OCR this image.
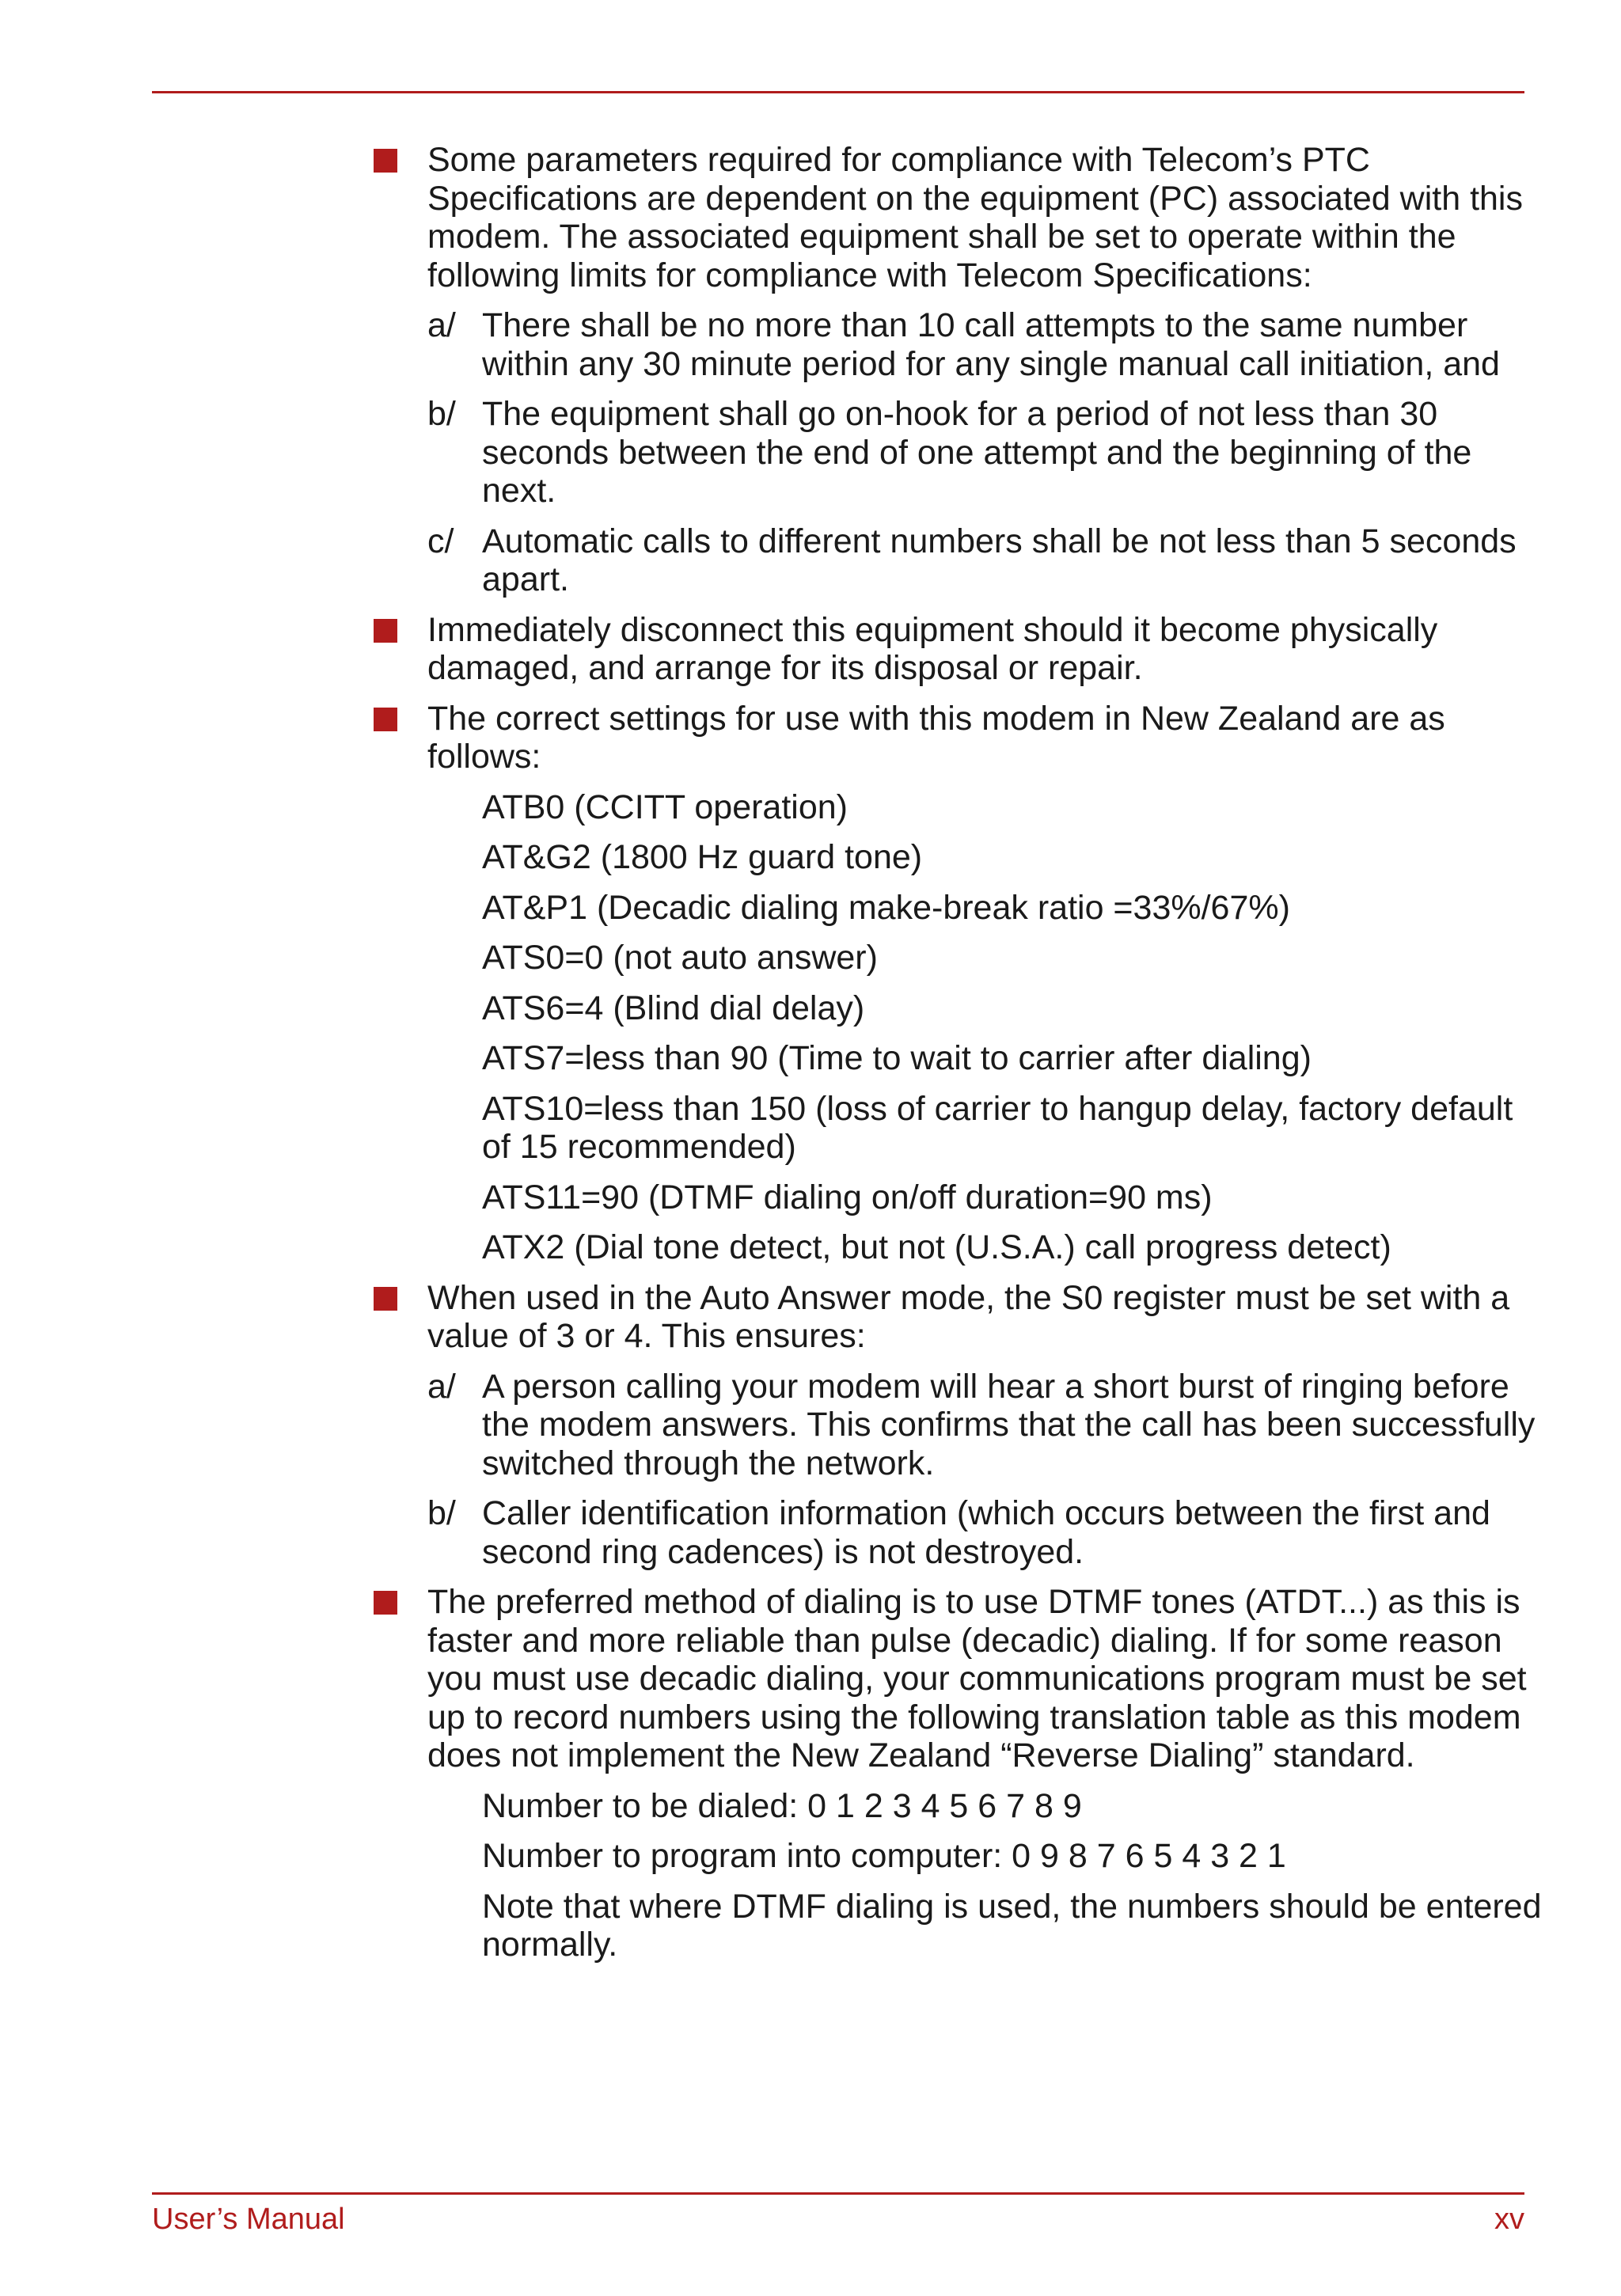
Some parameters required for compliance with Telecom’s PTC Specifications are dependent on the equipment (PC) associated with this modem. The associated equipment shall be set to operate within the following limits for compliance with Telecom Specifications:

a/ There shall be no more than 10 call attempts to the same number within any 30 minute period for any single manual call initiation, and

b/ The equipment shall go on-hook for a period of not less than 30 seconds between the end of one attempt and the beginning of the next.

c/ Automatic calls to different numbers shall be not less than 5 seconds apart.

Immediately disconnect this equipment should it become physically damaged, and arrange for its disposal or repair.

The correct settings for use with this modem in New Zealand are as follows:

ATB0 (CCITT operation)

AT&G2 (1800 Hz guard tone)

AT&P1 (Decadic dialing make-break ratio =33%/67%)

ATS0=0 (not auto answer)

ATS6=4 (Blind dial delay)

ATS7=less than 90 (Time to wait to carrier after dialing)

ATS10=less than 150 (loss of carrier to hangup delay, factory default of 15 recommended)

ATS11=90 (DTMF dialing on/off duration=90 ms)

ATX2 (Dial tone detect, but not (U.S.A.) call progress detect)

When used in the Auto Answer mode, the S0 register must be set with a value of 3 or 4. This ensures:

a/ A person calling your modem will hear a short burst of ringing before the modem answers. This confirms that the call has been successfully switched through the network.

b/ Caller identification information (which occurs between the first and second ring cadences) is not destroyed.

The preferred method of dialing is to use DTMF tones (ATDT...) as this is faster and more reliable than pulse (decadic) dialing. If for some reason you must use decadic dialing, your communications program must be set up to record numbers using the following translation table as this modem does not implement the New Zealand “Reverse Dialing” standard.

Number to be dialed: 0 1 2 3 4 5 6 7 8 9

Number to program into computer: 0 9 8 7 6 5 4 3 2 1

Note that where DTMF dialing is used, the numbers should be entered normally.

User’s Manual	xv
